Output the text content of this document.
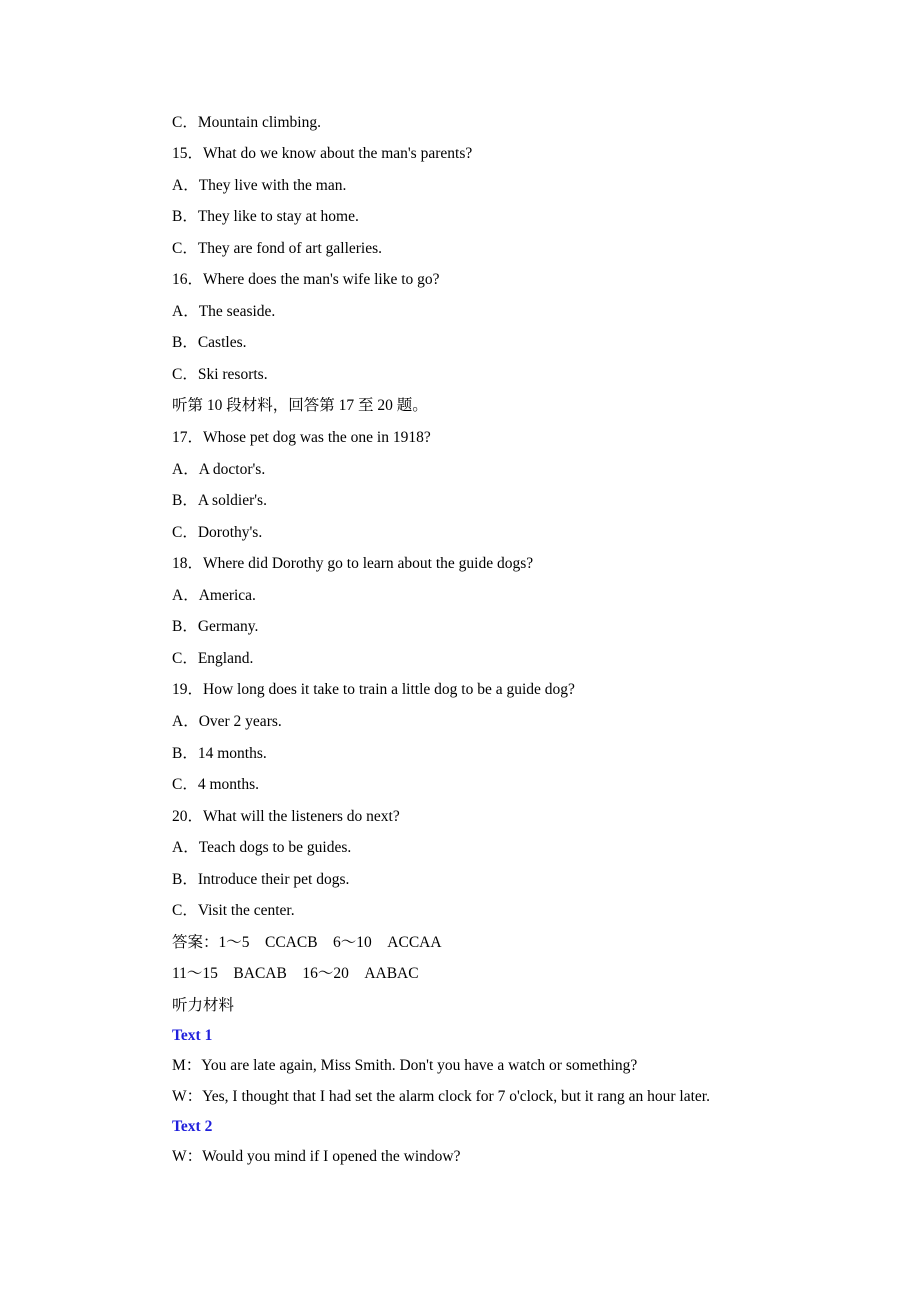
C．Mountain climbing.
15．What do we know about the man's parents?
A．They live with the man.
B．They like to stay at home.
C．They are fond of art galleries.
16．Where does the man's wife like to go?
A．The seaside.
B．Castles.
C．Ski resorts.
听第 10 段材料，回答第 17 至 20 题。
17．Whose pet dog was the one in 1918?
A．A doctor's.
B．A soldier's.
C．Dorothy's.
18．Where did Dorothy go to learn about the guide dogs?
A．America.
B．Germany.
C．England.
19．How long does it take to train a little dog to be a guide dog?
A．Over 2 years.
B．14 months.
C．4 months.
20．What will the listeners do next?
A．Teach dogs to be guides.
B．Introduce their pet dogs.
C．Visit the center.
答案：1～5　CCACB　6～10　ACCAA
11～15　BACAB　16～20　AABAC
听力材料
Text 1
M：You are late again, Miss Smith. Don't you have a watch or something?
W：Yes, I thought that I had set the alarm clock for 7 o'clock, but it rang an hour later.
Text 2
W：Would you mind if I opened the window?
